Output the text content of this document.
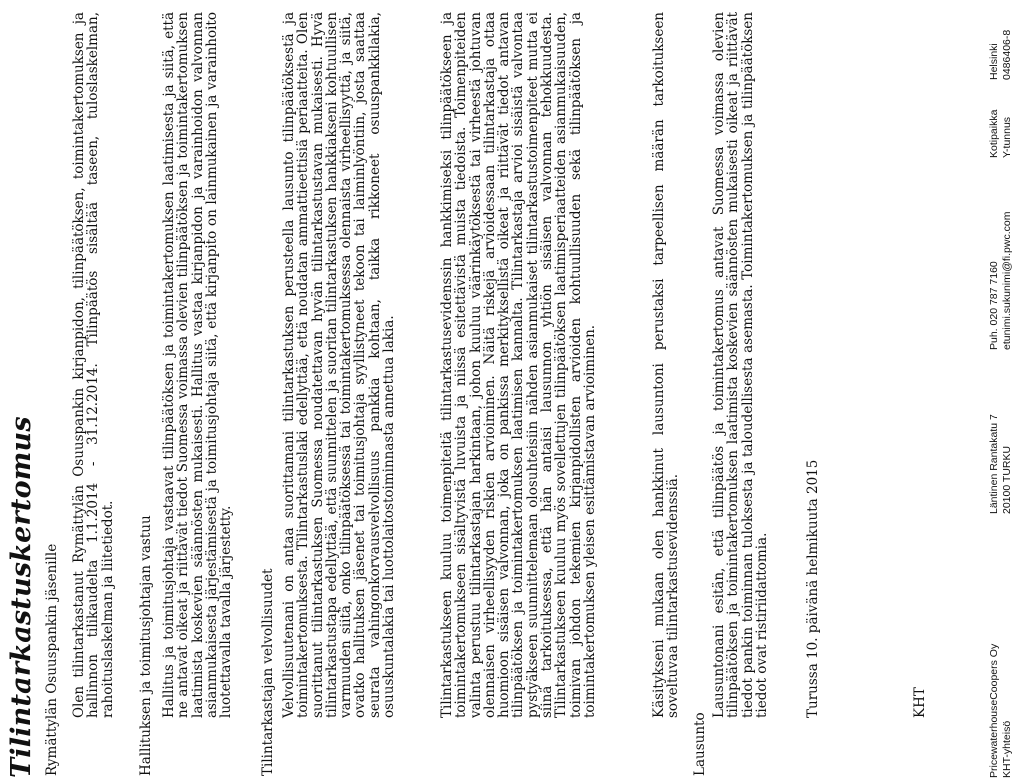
Tilintarkastuskertomus Rymättylän Osuuspankin jäsenille Olen tilintarkastanut Rymättylän Osuuspankin kirjanpidon, tilinpäätöksen, toimintakertomuksen ja hallinnon tilikaudelta 1.1.2014 - 31.12.2014. Tilinpäätös sisältää taseen, tuloslaskelman, rahoituslaskelman ja liitetiedot. Hallituksen ja toimitusjohtajan vastuu Hallitus ja toimitusjohtaja vastaavat tilinpäätöksen ja toimintakertomuksen laatimisesta ja siitä, että ne antavat oikeat ja riittävät tiedot Suomessa voimassa olevien tilinpäätöksen ja toimintakertomuksen laatimista koskevien säännösten mukaisesti. Hallitus vastaa kirjanpidon ja varainhoidon valvonnan asianmukaisesta järjestämisestä ja toimitusjohtaja siitä, että kirjanpito on lainmukainen ja varainhoito luotettavalla tavalla järjestetty. Tilintarkastajan velvollisuudet Velvollisuutenani on antaa suorittamani tilintarkastuksen perusteella lausunto tilinpäätöksestä ja toimintakertomuksesta. Tilintarkastuslaki edellyttää, että noudatan ammattieettisiä periaatteita. Olen suorittanut tilintarkastuksen Suomessa noudatettavan hyvän tilintarkastustavan mukaisesti. Hyvä tilintarkastustapa edellyttää, että suunnittelen ja suoritan tilintarkastuksen hankkiakseni kohtuullisen varmuuden siitä, onko tilinpäätöksessä tai toimintakertomuksessa olennaista virheellisyyttä, ja siitä, ovatko hallituksen jäsenet tai toimitusjohtaja syyllistyneet tekoon tai laiminlyöntiin, josta saattaa seurata vahingonkorvausvelvollisuus pankkia kohtaan, taikka rikkoneet osuuspankkilakia, osuuskuntalakia tai luottolaitostoiminnasta annettua lakia.	Tilintarkastukseen kuuluu toimenpiteitä tilintarkastusevidenssin hankkimiseksi tilinpäätökseen ja toimintakertomukseen sisältyvistä luvuista ja niissä esitettävistä muista tiedoista. Toimenpiteiden valinta perustuu tilintarkastajan harkintaan, johon kuuluu väärinkäytöksestä tai virheestä johtuvan olennaisen virheellisyyden riskien arvioiminen. Näitä riskejä arvioidessaan tilintarkastaja ottaa huomioon sisäisen valvonnan, joka on pankissa merkityksellistä oikeat ja riittävät tiedot antavan tilinpäätöksen ja toimintakertomuksen laatimisen kannalta. Tilintarkastaja arvioi sisäistä valvontaa pystyäkseen suunnittelemaan olosuhteisiin nähden asianmukaiset tilintarkastustoimenpiteet mutta ei siinä tarkoituksessa, että hän antaisi lausunnon yhtiön sisäisen valvonnan tehokkuudesta. Tilintarkastukseen kuuluu myös sovellettujen tilinpäätöksen laatimisperiaatteiden asianmukaisuuden, toimivan johdon tekemien kirjanpidollisten arvioiden kohtuullisuuden sekä tilinpäätöksen ja toimintakertomuksen yleisen esittämistavan arvioiminen.	Käsitykseni mukaan olen hankkinut lausuntoni perustaksi tarpeellisen määrän tarkoitukseen soveltuvaa tilintarkastusevidenssiä.

Lausunto

Lausuntonani esitän, että tilinpäätös ja toimintakertomus antavat Suomessa voimassa olevien tilinpäätöksen ja toimintakertomuksen laatimista koskevien säännösten mukaisesti oikeat ja riittävät tiedot pankin toiminnan tuloksesta ja taloudellisesta asemasta. Toimintakertomuksen ja tilinpäätöksen tiedot ovat ristiriidattomia.	Turussa 10. päivänä helmikuuta 2015	KHT	PricewaterhouseCoopers Oy KHT-yhteisö
Läntinen Rantakatu 7 20100 TURKU
Puh. 020 787 7160 etunimi.sukunimi@fi.pwc.com
Kotipaikka Y-tunnus
Helsinki 0486406-8
